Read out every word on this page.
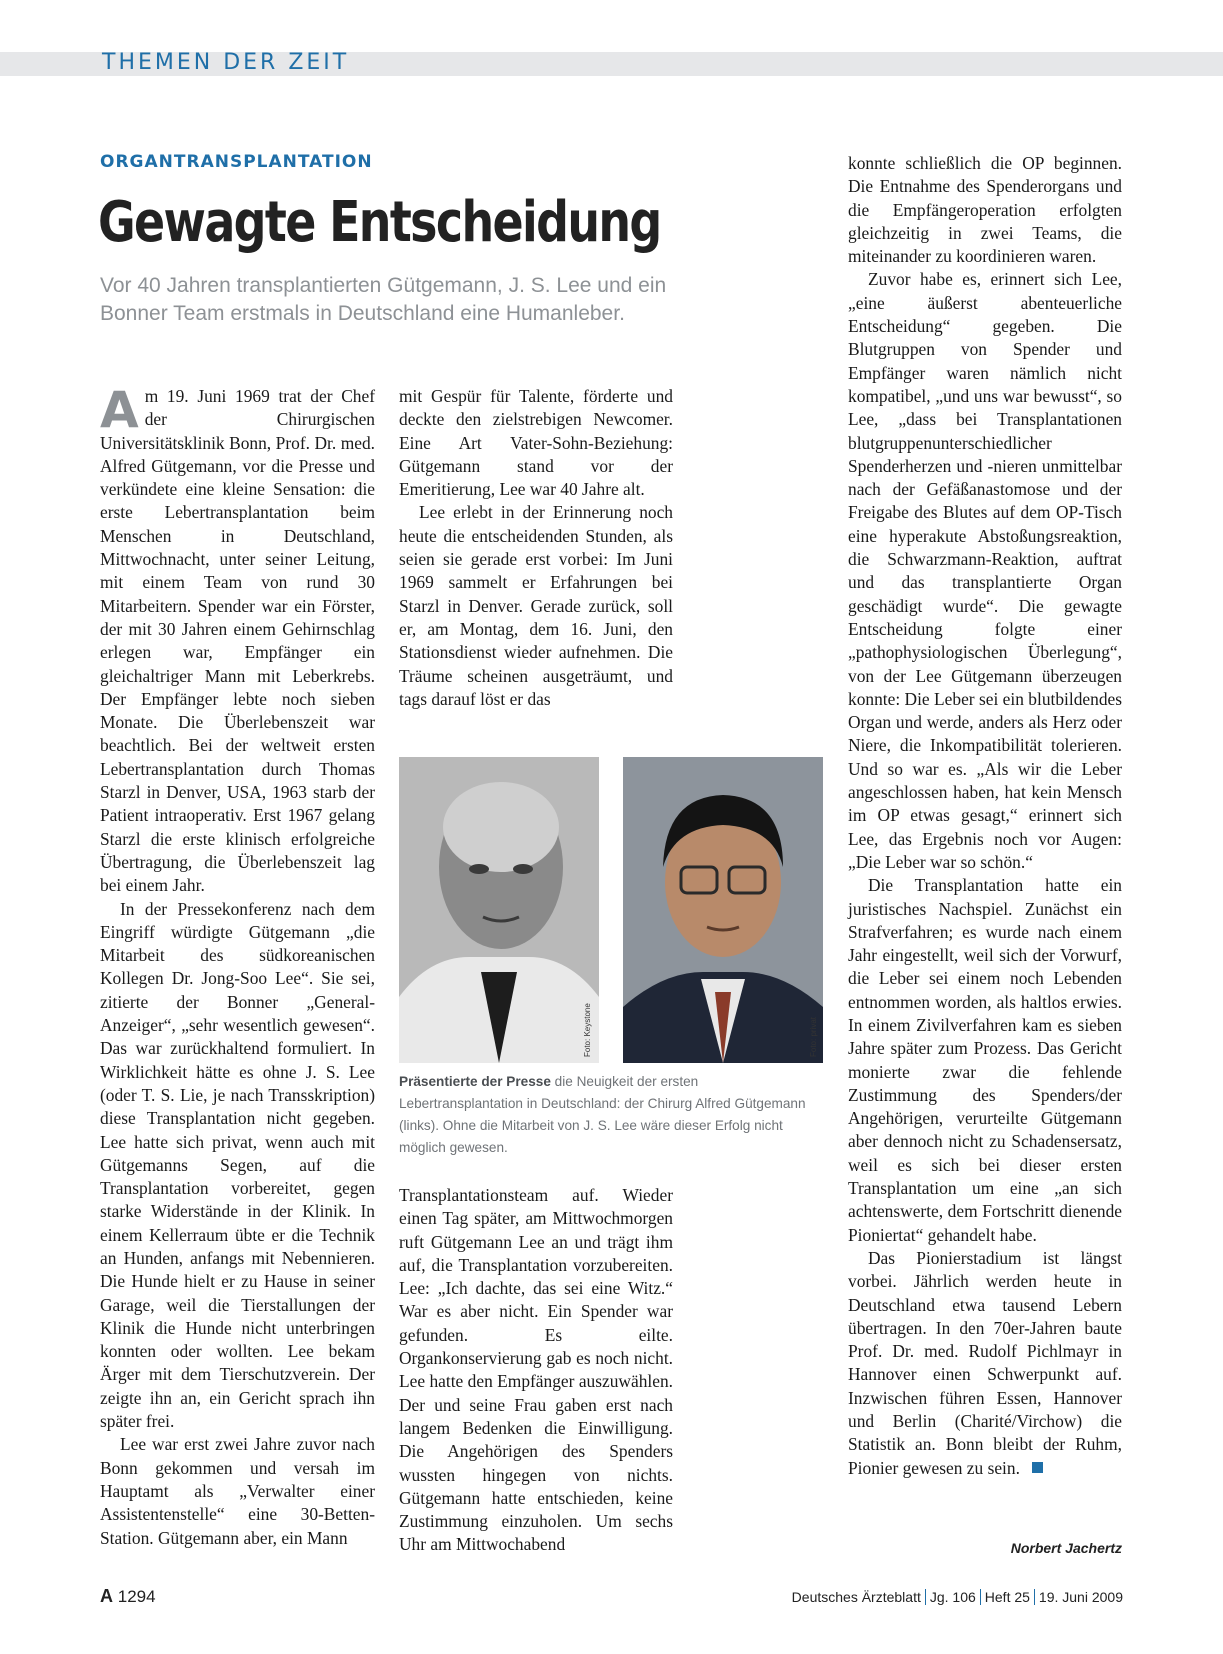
THEMEN DER ZEIT
ORGANTRANSPLANTATION
Gewagte Entscheidung

Vor 40 Jahren transplantierten Gütgemann, J. S. Lee und ein Bonner Team erstmals in Deutschland eine Humanleber.

Am 19. Juni 1969 trat der Chef der Chirurgischen Universitätsklinik Bonn, Prof. Dr. med. Alfred Gütgemann, vor die Presse und verkündete eine kleine Sensation: die erste Lebertransplantation beim Menschen in Deutschland, Mittwochnacht, unter seiner Leitung, mit einem Team von rund 30 Mitarbeitern. Spender war ein Förster, der mit 30 Jahren einem Gehirnschlag erlegen war, Empfänger ein gleichaltriger Mann mit Leberkrebs. Der Empfänger lebte noch sieben Monate. Die Überlebenszeit war beachtlich. Bei der weltweit ersten Lebertransplantation durch Thomas Starzl in Denver, USA, 1963 starb der Patient intraoperativ. Erst 1967 gelang Starzl die erste klinisch erfolgreiche Übertragung, die Überlebenszeit lag bei einem Jahr.

In der Pressekonferenz nach dem Eingriff würdigte Gütgemann „die Mitarbeit des südkoreanischen Kollegen Dr. Jong-Soo Lee“. Sie sei, zitierte der Bonner „General-Anzeiger“, „sehr wesentlich gewesen“. Das war zurückhaltend formuliert. In Wirklichkeit hätte es ohne J. S. Lee (oder T. S. Lie, je nach Transskription) diese Transplantation nicht gegeben. Lee hatte sich privat, wenn auch mit Gütgemanns Segen, auf die Transplantation vorbereitet, gegen starke Widerstände in der Klinik. In einem Kellerraum übte er die Technik an Hunden, anfangs mit Nebennieren. Die Hunde hielt er zu Hause in seiner Garage, weil die Tierstallungen der Klinik die Hunde nicht unterbringen konnten oder wollten. Lee bekam Ärger mit dem Tierschutzverein. Der zeigte ihn an, ein Gericht sprach ihn später frei.

Lee war erst zwei Jahre zuvor nach Bonn gekommen und versah im Hauptamt als „Verwalter einer Assistentenstelle“ eine 30-Betten-Station. Gütgemann aber, ein Mann

mit Gespür für Talente, förderte und deckte den zielstrebigen Newcomer. Eine Art Vater-Sohn-Beziehung: Gütgemann stand vor der Emeritierung, Lee war 40 Jahre alt.

Lee erlebt in der Erinnerung noch heute die entscheidenden Stunden, als seien sie gerade erst vorbei: Im Juni 1969 sammelt er Erfahrungen bei Starzl in Denver. Gerade zurück, soll er, am Montag, dem 16. Juni, den Stationsdienst wieder aufnehmen. Die Träume scheinen ausgeträumt, und tags darauf löst er das

Foto: Keystone	Foto: privat

Präsentierte der Presse die Neuigkeit der ersten Lebertransplantation in Deutschland: der Chirurg Alfred Gütgemann (links). Ohne die Mitarbeit von J. S. Lee wäre dieser Erfolg nicht möglich gewesen.

Transplantationsteam auf. Wieder einen Tag später, am Mittwochmorgen ruft Gütgemann Lee an und trägt ihm auf, die Transplantation vorzubereiten. Lee: „Ich dachte, das sei eine Witz.“ War es aber nicht. Ein Spender war gefunden. Es eilte. Organkonservierung gab es noch nicht. Lee hatte den Empfänger auszuwählen. Der und seine Frau gaben erst nach langem Bedenken die Einwilligung. Die Angehörigen des Spenders wussten hingegen von nichts. Gütgemann hatte entschieden, keine Zustimmung einzuholen. Um sechs Uhr am Mittwochabend

konnte schließlich die OP beginnen. Die Entnahme des Spenderorgans und die Empfängeroperation erfolgten gleichzeitig in zwei Teams, die miteinander zu koordinieren waren.

Zuvor habe es, erinnert sich Lee, „eine äußerst abenteuerliche Entscheidung“ gegeben. Die Blutgruppen von Spender und Empfänger waren nämlich nicht kompatibel, „und uns war bewusst“, so Lee, „dass bei Transplantationen blutgruppenunterschiedlicher Spenderherzen und -nieren unmittelbar nach der Gefäßanastomose und der Freigabe des Blutes auf dem OP-Tisch eine hyperakute Abstoßungsreaktion, die Schwarzmann-Reaktion, auftrat und das transplantierte Organ geschädigt wurde“. Die gewagte Entscheidung folgte einer „pathophysiologischen Überlegung“, von der Lee Gütgemann überzeugen konnte: Die Leber sei ein blutbildendes Organ und werde, anders als Herz oder Niere, die Inkompatibilität tolerieren. Und so war es. „Als wir die Leber angeschlossen haben, hat kein Mensch im OP etwas gesagt,“ erinnert sich Lee, das Ergebnis noch vor Augen: „Die Leber war so schön.“

Die Transplantation hatte ein juristisches Nachspiel. Zunächst ein Strafverfahren; es wurde nach einem Jahr eingestellt, weil sich der Vorwurf, die Leber sei einem noch Lebenden entnommen worden, als haltlos erwies. In einem Zivilverfahren kam es sieben Jahre später zum Prozess. Das Gericht monierte zwar die fehlende Zustimmung des Spenders/der Angehörigen, verurteilte Gütgemann aber dennoch nicht zu Schadensersatz, weil es sich bei dieser ersten Transplantation um eine „an sich achtenswerte, dem Fortschritt dienende Pioniertat“ gehandelt habe.

Das Pionierstadium ist längst vorbei. Jährlich werden heute in Deutschland etwa tausend Lebern übertragen. In den 70er-Jahren baute Prof. Dr. med. Rudolf Pichlmayr in Hannover einen Schwerpunkt auf. Inzwischen führen Essen, Hannover und Berlin (Charité/Virchow) die Statistik an. Bonn bleibt der Ruhm, Pionier gewesen zu sein.

Norbert Jachertz
A 1294	Deutsches Ärzteblatt Jg. 106 Heft 25 19. Juni 2009
